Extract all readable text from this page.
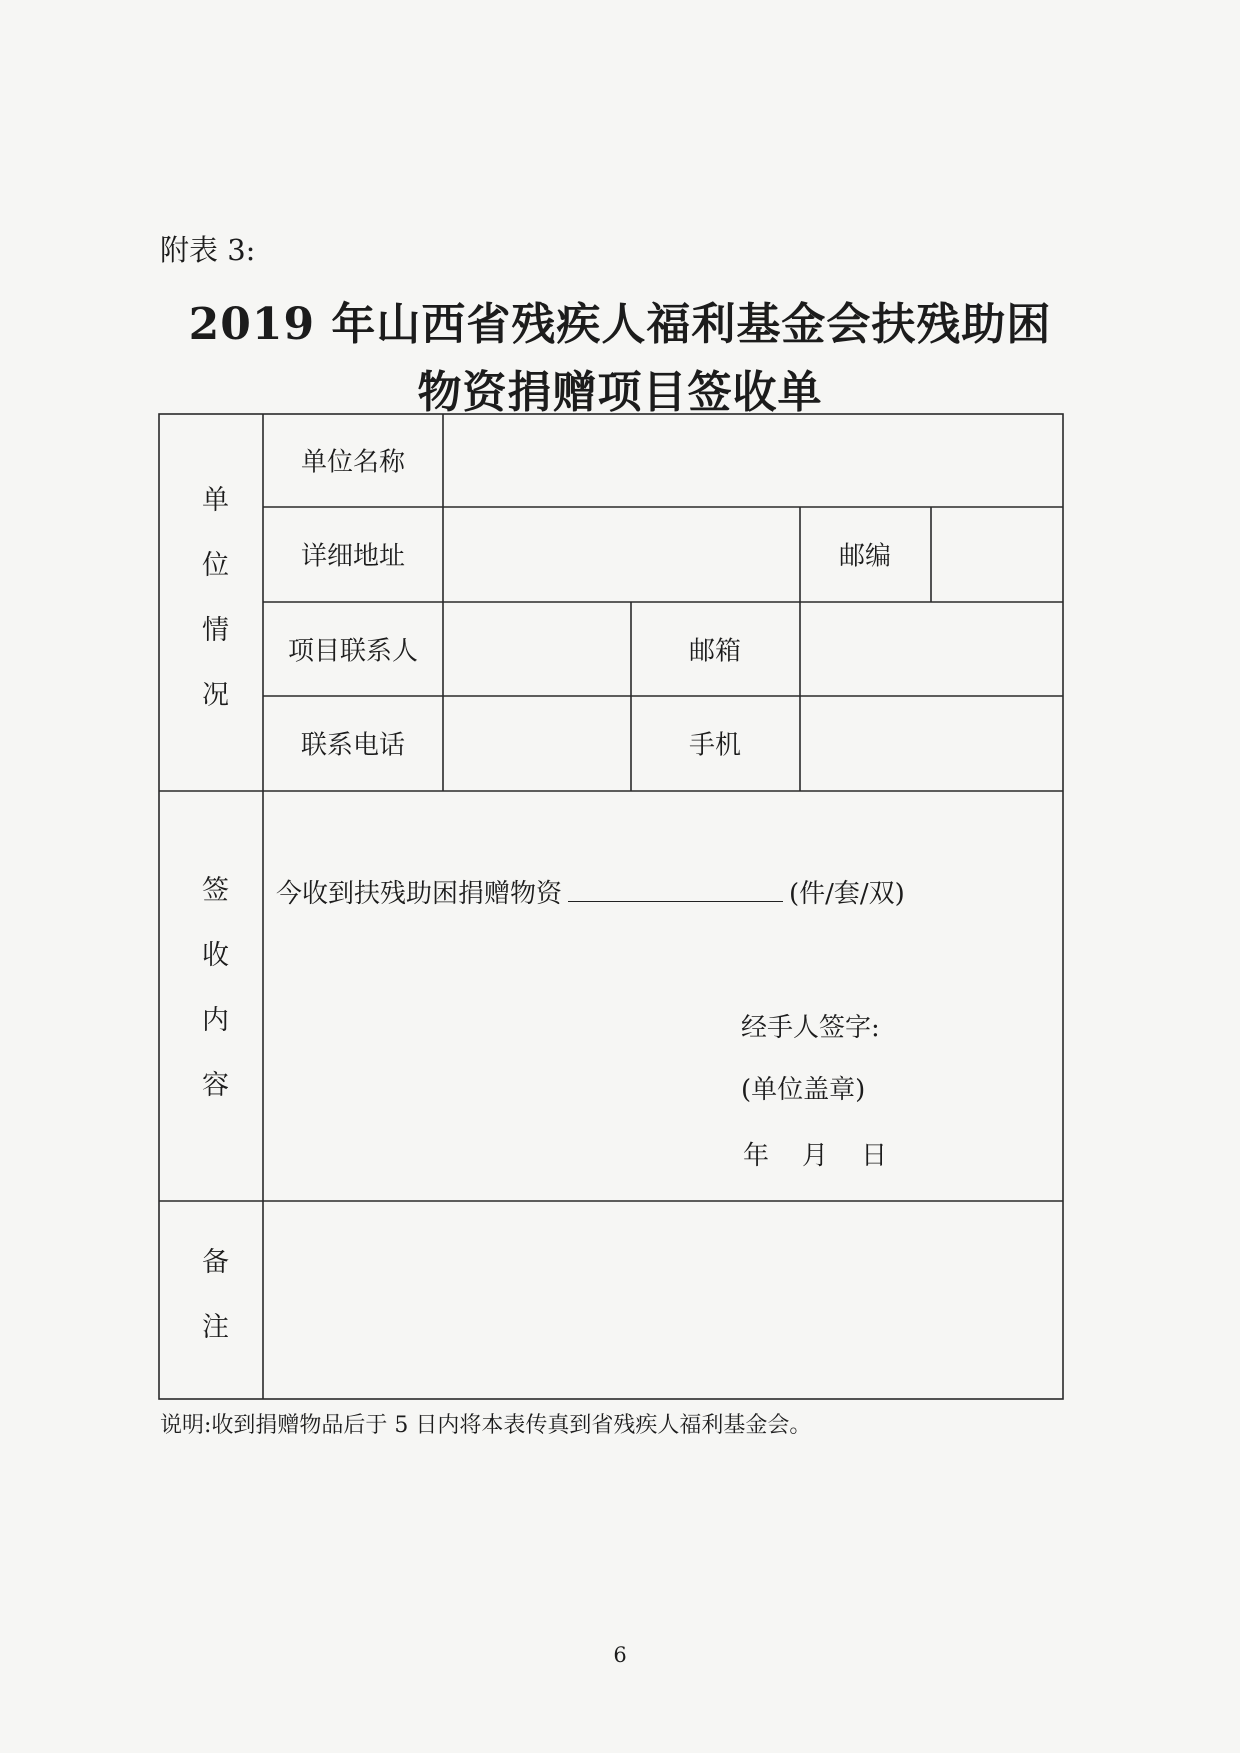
附表 3:
2019 年山西省残疾人福利基金会扶残助困
物资捐赠项目签收单
单位情况
单位名称
详细地址	邮编
项目联系人	邮箱
联系电话	手机
签收内容 今收到扶残助困捐赠物资	(件/套/双)
经手人签字:
(单位盖章)
年    月    日
备注
说明:收到捐赠物品后于 5 日内将本表传真到省残疾人福利基金会。
6
